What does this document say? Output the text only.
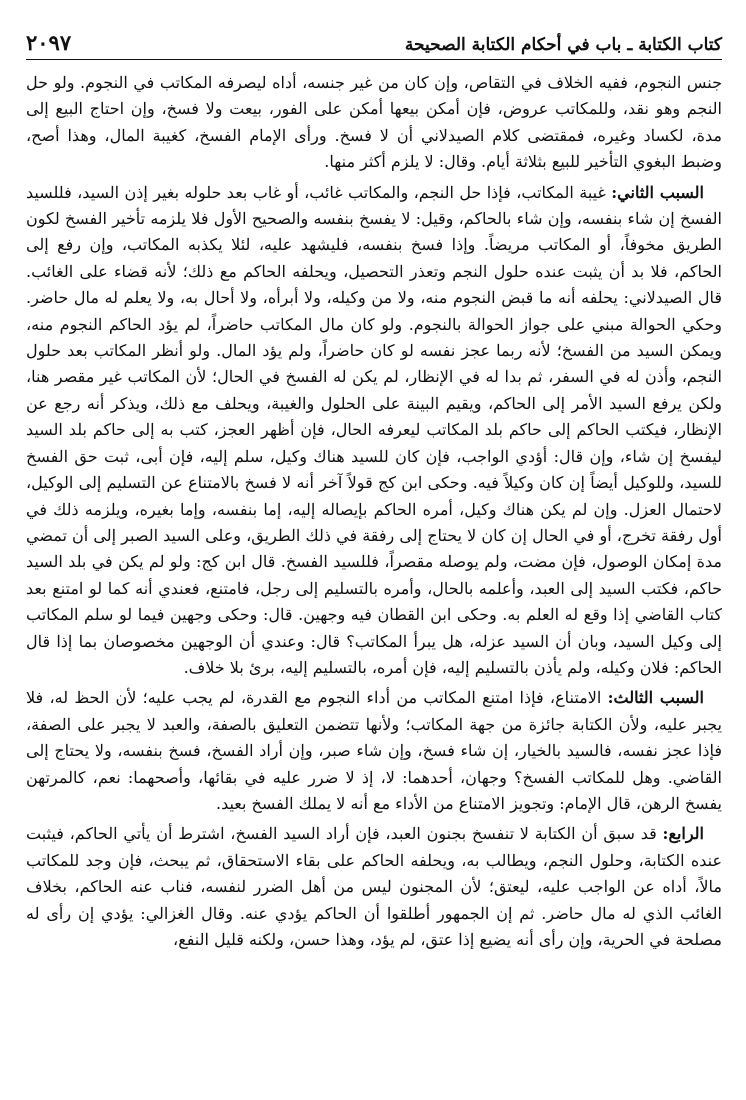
كتاب الكتابة ـ باب في أحكام الكتابة الصحيحة
٢٠٩٧

جنس النجوم، ففيه الخلاف في التقاص، وإن كان من غير جنسه، أداه ليصرفه المكاتب في النجوم. ولو حل النجم وهو نقد، وللمكاتب عروض، فإن أمكن بيعها أمكن على الفور، بيعت ولا فسخ، وإن احتاج البيع إلى مدة، لكساد وغيره، فمقتضى كلام الصيدلاني أن لا فسخ. ورأى الإمام الفسخ، كغيبة المال، وهذا أصح، وضبط البغوي التأخير للبيع بثلاثة أيام. وقال: لا يلزم أكثر منها.

السبب الثاني: غيبة المكاتب، فإذا حل النجم، والمكاتب غائب، أو غاب بعد حلوله بغير إذن السيد، فللسيد الفسخ إن شاء بنفسه، وإن شاء بالحاكم، وقيل: لا يفسخ بنفسه والصحيح الأول فلا يلزمه تأخير الفسخ لكون الطريق مخوفاً، أو المكاتب مريضاً. وإذا فسخ بنفسه، فليشهد عليه، لئلا يكذبه المكاتب، وإن رفع إلى الحاكم، فلا بد أن يثبت عنده حلول النجم وتعذر التحصيل، ويحلفه الحاكم مع ذلك؛ لأنه قضاء على الغائب. قال الصيدلاني: يحلفه أنه ما قبض النجوم منه، ولا من وكيله، ولا أبرأه، ولا أحال به، ولا يعلم له مال حاضر. وحكي الحوالة مبني على جواز الحوالة بالنجوم. ولو كان مال المكاتب حاضراً، لم يؤد الحاكم النجوم منه، ويمكن السيد من الفسخ؛ لأنه ربما عجز نفسه لو كان حاضراً، ولم يؤد المال. ولو أنظر المكاتب بعد حلول النجم، وأذن له في السفر، ثم بدا له في الإنظار، لم يكن له الفسخ في الحال؛ لأن المكاتب غير مقصر هنا، ولكن يرفع السيد الأمر إلى الحاكم، ويقيم البينة على الحلول والغيبة، ويحلف مع ذلك، ويذكر أنه رجع عن الإنظار، فيكتب الحاكم إلى حاكم بلد المكاتب ليعرفه الحال، فإن أظهر العجز، كتب به إلى حاكم بلد السيد ليفسخ إن شاء، وإن قال: أؤدي الواجب، فإن كان للسيد هناك وكيل، سلم إليه، فإن أبى، ثبت حق الفسخ للسيد، وللوكيل أيضاً إن كان وكيلاً فيه. وحكى ابن كج قولاً آخر أنه لا فسخ بالامتناع عن التسليم إلى الوكيل، لاحتمال العزل. وإن لم يكن هناك وكيل، أمره الحاكم بإيصاله إليه، إما بنفسه، وإما بغيره، ويلزمه ذلك في أول رفقة تخرج، أو في الحال إن كان لا يحتاج إلى رفقة في ذلك الطريق، وعلى السيد الصبر إلى أن تمضي مدة إمكان الوصول، فإن مضت، ولم يوصله مقصراً، فللسيد الفسخ. قال ابن كج: ولو لم يكن في بلد السيد حاكم، فكتب السيد إلى العبد، وأعلمه بالحال، وأمره بالتسليم إلى رجل، فامتنع، فعندي أنه كما لو امتنع بعد كتاب القاضي إذا وقع له العلم به. وحكى ابن القطان فيه وجهين. قال: وحكى وجهين فيما لو سلم المكاتب إلى وكيل السيد، وبان أن السيد عزله، هل يبرأ المكاتب؟ قال: وعندي أن الوجهين مخصوصان بما إذا قال الحاكم: فلان وكيله، ولم يأذن بالتسليم إليه، فإن أمره، بالتسليم إليه، برئ بلا خلاف.

السبب الثالث: الامتناع، فإذا امتنع المكاتب من أداء النجوم مع القدرة، لم يجب عليه؛ لأن الحظ له، فلا يجبر عليه، ولأن الكتابة جائزة من جهة المكاتب؛ ولأنها تتضمن التعليق بالصفة، والعبد لا يجبر على الصفة، فإذا عجز نفسه، فالسيد بالخيار، إن شاء فسخ، وإن شاء صبر، وإن أراد الفسخ، فسخ بنفسه، ولا يحتاج إلى القاضي. وهل للمكاتب الفسخ؟ وجهان، أحدهما: لا، إذ لا ضرر عليه في بقائها، وأصحهما: نعم، كالمرتهن يفسخ الرهن، قال الإمام: وتجويز الامتناع من الأداء مع أنه لا يملك الفسخ بعيد.

الرابع: قد سبق أن الكتابة لا تنفسخ بجنون العبد، فإن أراد السيد الفسخ، اشترط أن يأتي الحاكم، فيثبت عنده الكتابة، وحلول النجم، ويطالب به، ويحلفه الحاكم على بقاء الاستحقاق، ثم يبحث، فإن وجد للمكاتب مالاً، أداه عن الواجب عليه، ليعتق؛ لأن المجنون ليس من أهل الضرر لنفسه، فناب عنه الحاكم، بخلاف الغائب الذي له مال حاضر. ثم إن الجمهور أطلقوا أن الحاكم يؤدي عنه. وقال الغزالي: يؤدي إن رأى له مصلحة في الحرية، وإن رأى أنه يضيع إذا عتق، لم يؤد، وهذا حسن، ولكنه قليل النفع،
